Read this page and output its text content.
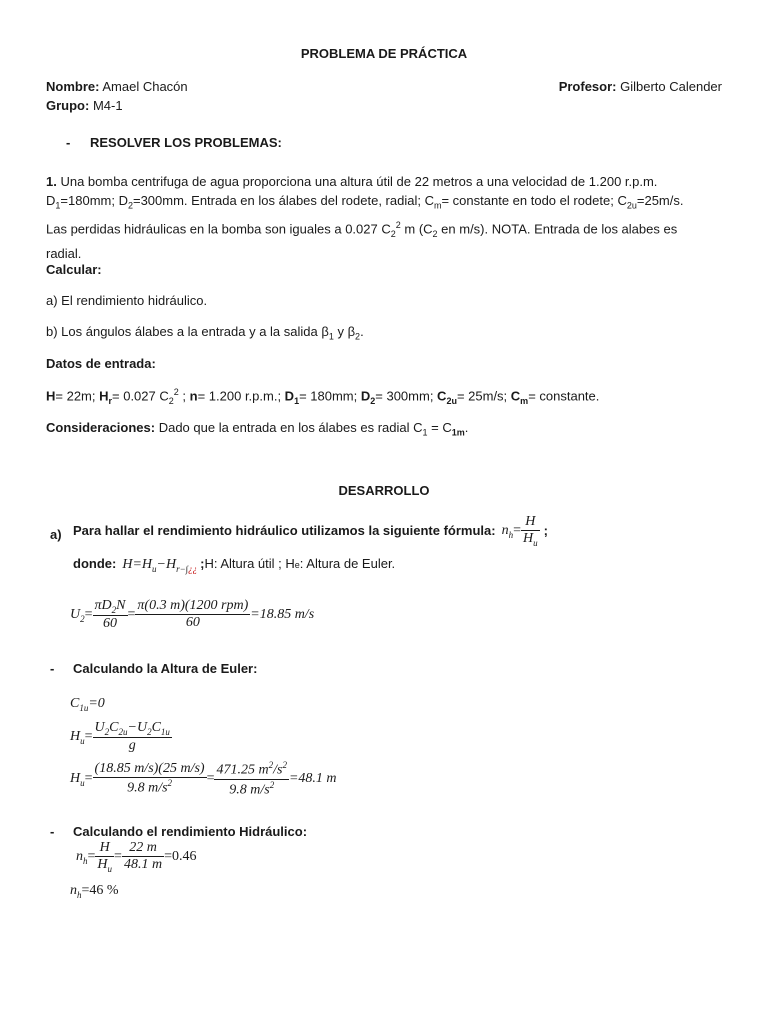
PROBLEMA DE PRÁCTICA
Nombre: Amael Chacón	Profesor: Gilberto Calender
Grupo: M4-1
- RESOLVER LOS PROBLEMAS:
1. Una bomba centrifuga de agua proporciona una altura útil de 22 metros a una velocidad de 1.200 r.p.m.
$D_1=180mm$; $D_2=300mm$. Entrada en los álabes del rodete, radial; $C_m=$ constante en todo el rodete; $C_{2u}=25m/s$.
Las perdidas hidráulicas en la bomba son iguales a 0.027 $C_2^2$ m ($C_2$ en m/s). NOTA. Entrada de los alabes es
radial.
Calcular:
a) El rendimiento hidráulico.
b) Los ángulos álabes a la entrada y a la salida $\beta_1$ y $\beta_2$.
Datos de entrada:
H= 22m; $H_r= 0.027$ $C_2^2$ ; n= 1.200 r.p.m.; $D_1= 180mm$; $D_2= 300mm$; $C_{2u}= 25m/s$; $C_m=$ constante.
Consideraciones: Dado que la entrada en los álabes es radial $C_1 = C_{1m}$.
DESARROLLO
a) Para hallar el rendimiento hidráulico utilizamos la siguiente fórmula: $n_h = \frac{H}{H_u}$ ;
donde: $H=H_u-H_{r-\int¿¿}$ ; H: Altura útil ; H e : Altura de Euler.
$U_2 = \frac{\pi D_2N}{60} = \frac{\text{π(0.3 m)(1200 rpm)}}{60} =18.85$ m/s
- Calculando la Altura de Euler:
$C_{1u}=0$
$H_u = \frac{U_2C_{2u}-U_2C_{1u}}{g}$
$H_u = \frac{(18.85 m/s)(25 m/s)}{9.8 m/s^2} = \frac{471.25 m^2/s^2}{9.8 m/s^2} =48.1$ m
- Calculando el rendimiento Hidráulico:
$n_h = \frac{H}{H_u} = \frac{22 m}{48.1 m} =0.46$
$n_h=46$ %
